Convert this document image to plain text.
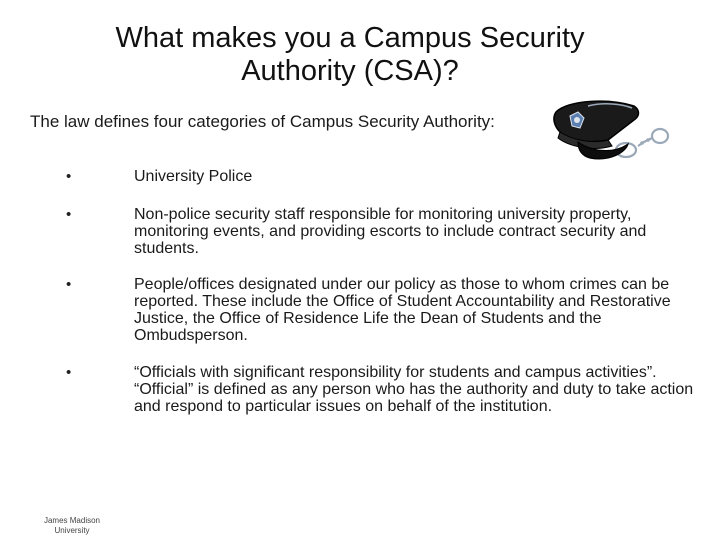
What makes you a Campus Security
Authority (CSA)?

The law defines four categories of Campus Security Authority:

•	University Police
•	Non-police security staff responsible for monitoring university property, monitoring events, and providing escorts to include contract security and students.
•	People/offices designated under our policy as those to whom crimes can be reported. These include the Office of Student Accountability and Restorative Justice, the Office of Residence Life the Dean of Students and the Ombudsperson.
•	“Officials with significant responsibility for students and campus activities”. “Official” is defined as any person who has the authority and duty to take action and respond to particular issues on behalf of the institution.
James Madison University
